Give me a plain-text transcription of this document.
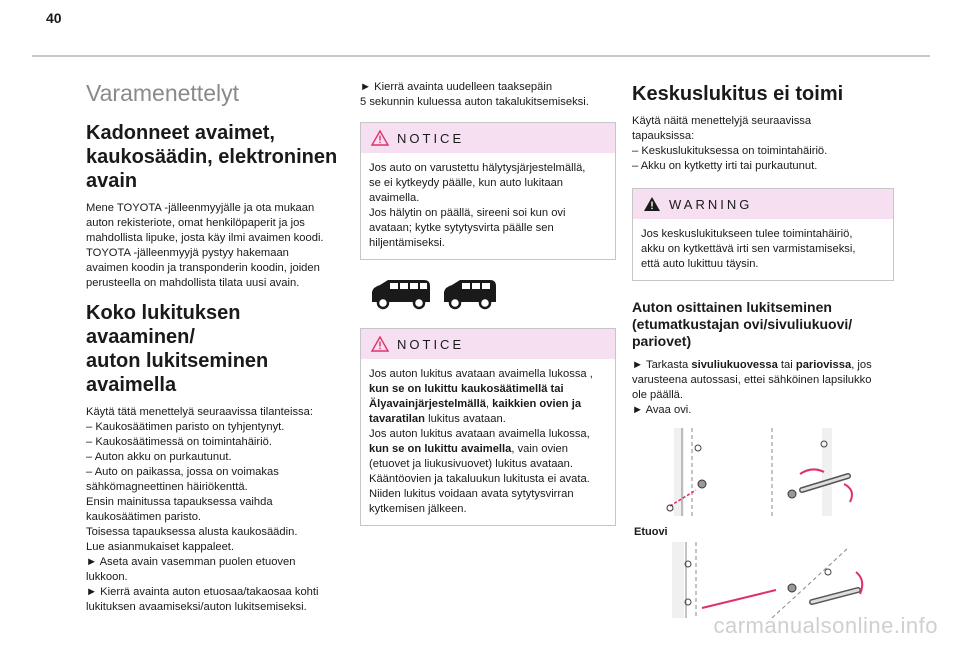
40
Varamenettelyt
Kadonneet avaimet,
kaukosäädin, elektroninen
avain
Mene TOYOTA -jälleenmyyjälle ja ota mukaan
auton rekisteriote, omat henkilöpaperit ja jos
mahdollista lipuke, josta käy ilmi avaimen koodi.
TOYOTA -jälleenmyyjä pystyy hakemaan
avaimen koodin ja transponderin koodin, joiden
perusteella on mahdollista tilata uusi avain.
Koko lukituksen avaaminen/
auton lukitseminen
avaimella
Käytä tätä menettelyä seuraavissa tilanteissa:
– Kaukosäätimen paristo on tyhjentynyt.
– Kaukosäätimessä on toimintahäiriö.
– Auton akku on purkautunut.
– Auto on paikassa, jossa on voimakas
sähkömagneettinen häiriökenttä.
Ensin mainitussa tapauksessa vaihda
kaukosäätimen paristo.
Toisessa tapauksessa alusta kaukosäädin.
Lue asianmukaiset kappaleet.
► Aseta avain vasemman puolen etuoven
lukkoon.
► Kierrä avainta auton etuosaa/takaosaa kohti
lukituksen avaamiseksi/auton lukitsemiseksi.
► Kierrä avainta uudelleen taaksepäin
5 sekunnin kuluessa auton takalukitsemiseksi.
NOTICE
Jos auto on varustettu hälytysjärjestelmällä,
se ei kytkeydy päälle, kun auto lukitaan
avaimella.
Jos hälytin on päällä, sireeni soi kun ovi
avataan; kytke sytytysvirta päälle sen
hiljentämiseksi.
NOTICE
Jos auton lukitus avataan avaimella lukossa ,
kun se on lukittu kaukosäätimellä tai
Älyavainjärjestelmällä, kaikkien ovien ja
tavaratilan lukitus avataan.
Jos auton lukitus avataan avaimella lukossa,
kun se on lukittu avaimella, vain ovien
(etuovet ja liukusivuovet) lukitus avataan.
Kääntöovien ja takaluukun lukitusta ei avata.
Niiden lukitus voidaan avata sytytysvirran
kytkemisen jälkeen.
Keskuslukitus ei toimi
Käytä näitä menettelyjä seuraavissa
tapauksissa:
– Keskuslukituksessa on toimintahäiriö.
– Akku on kytketty irti tai purkautunut.
WARNING
Jos keskuslukitukseen tulee toimintahäiriö,
akku on kytkettävä irti sen varmistamiseksi,
että auto lukittuu täysin.
Auton osittainen lukitseminen
(etumatkustajan ovi/sivuliukuovi/
pariovet)
► Tarkasta sivuliukuovessa tai pariovissa, jos
varusteena autossasi, ettei sähköinen lapsilukko
ole päällä.
► Avaa ovi.
Etuovi
carmanualsonline.info
